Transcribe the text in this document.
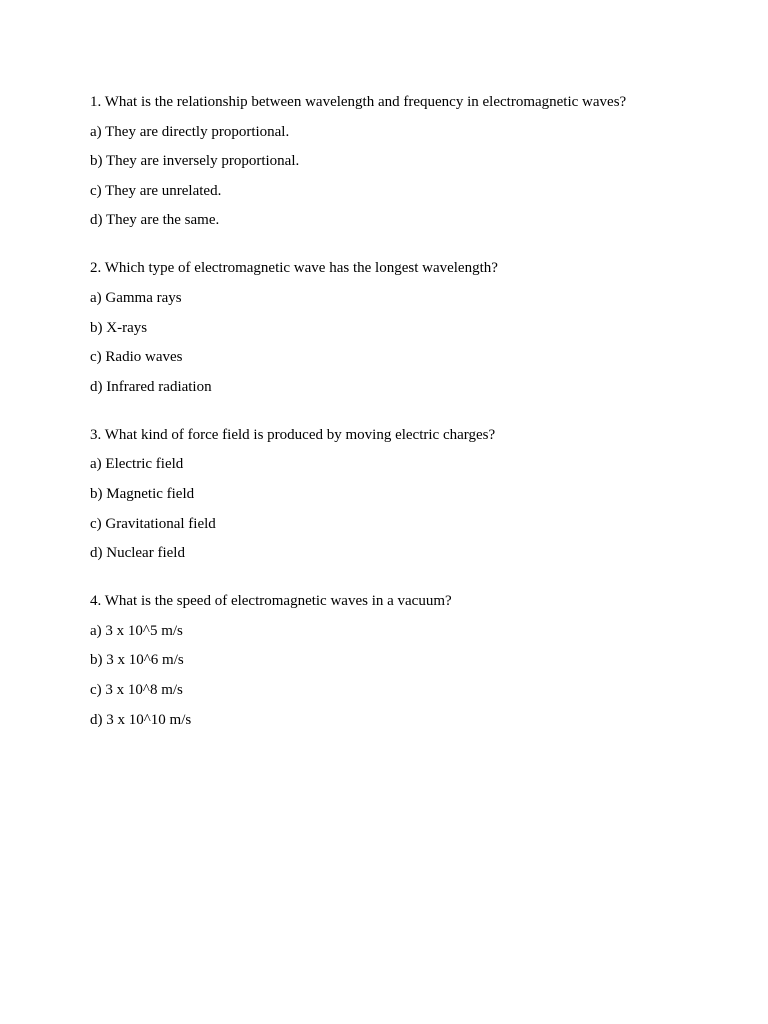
1. What is the relationship between wavelength and frequency in electromagnetic waves?

a) They are directly proportional.

b) They are inversely proportional.

c) They are unrelated.

d) They are the same.

2. Which type of electromagnetic wave has the longest wavelength?

a) Gamma rays

b) X-rays

c) Radio waves

d) Infrared radiation

3. What kind of force field is produced by moving electric charges?

a) Electric field

b) Magnetic field

c) Gravitational field

d) Nuclear field

4. What is the speed of electromagnetic waves in a vacuum?

a) 3 x 10^5 m/s

b) 3 x 10^6 m/s

c) 3 x 10^8 m/s

d) 3 x 10^10 m/s
